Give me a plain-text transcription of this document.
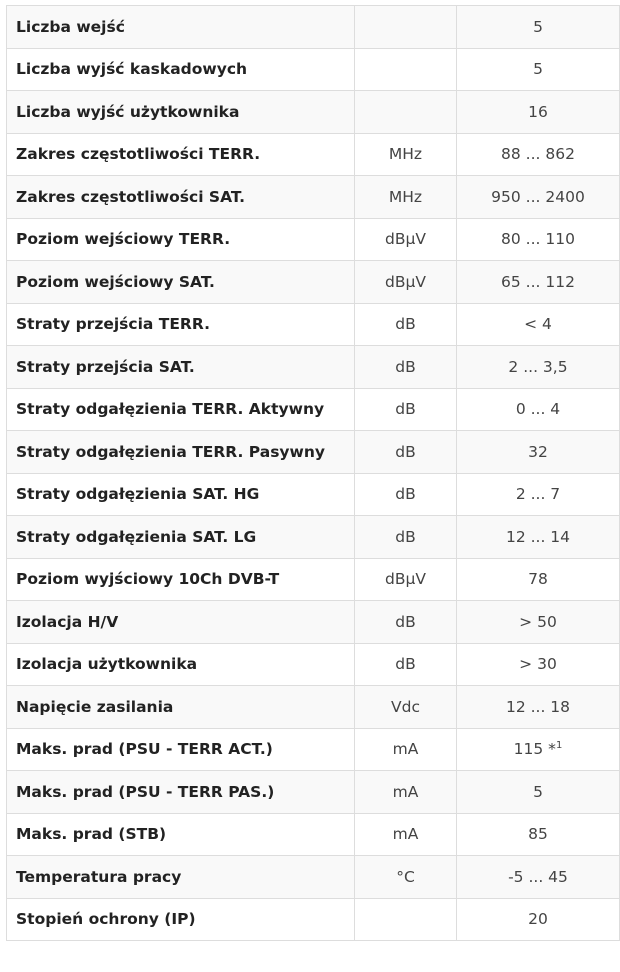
Liczba wejść		5
Liczba wyjść kaskadowych		5
Liczba wyjść użytkownika		16
Zakres częstotliwości TERR.	MHz	88 ... 862
Zakres częstotliwości SAT.	MHz	950 ... 2400
Poziom wejściowy TERR.	dBµV	80 ... 110
Poziom wejściowy SAT.	dBµV	65 ... 112
Straty przejścia TERR.	dB	< 4
Straty przejścia SAT.	dB	2 ... 3,5
Straty odgałęzienia TERR. Aktywny	dB	0 ... 4
Straty odgałęzienia TERR. Pasywny	dB	32
Straty odgałęzienia SAT. HG	dB	2 ... 7
Straty odgałęzienia SAT. LG	dB	12 ... 14
Poziom wyjściowy 10Ch DVB-T	dBµV	78
Izolacja H/V	dB	> 50
Izolacja użytkownika	dB	> 30
Napięcie zasilania	Vdc	12 ... 18
Maks. prad (PSU - TERR ACT.)	mA	115 *$^1$
Maks. prad (PSU - TERR PAS.)	mA	5
Maks. prad (STB)	mA	85
Temperatura pracy	°C	-5 ... 45
Stopień ochrony (IP)		20
